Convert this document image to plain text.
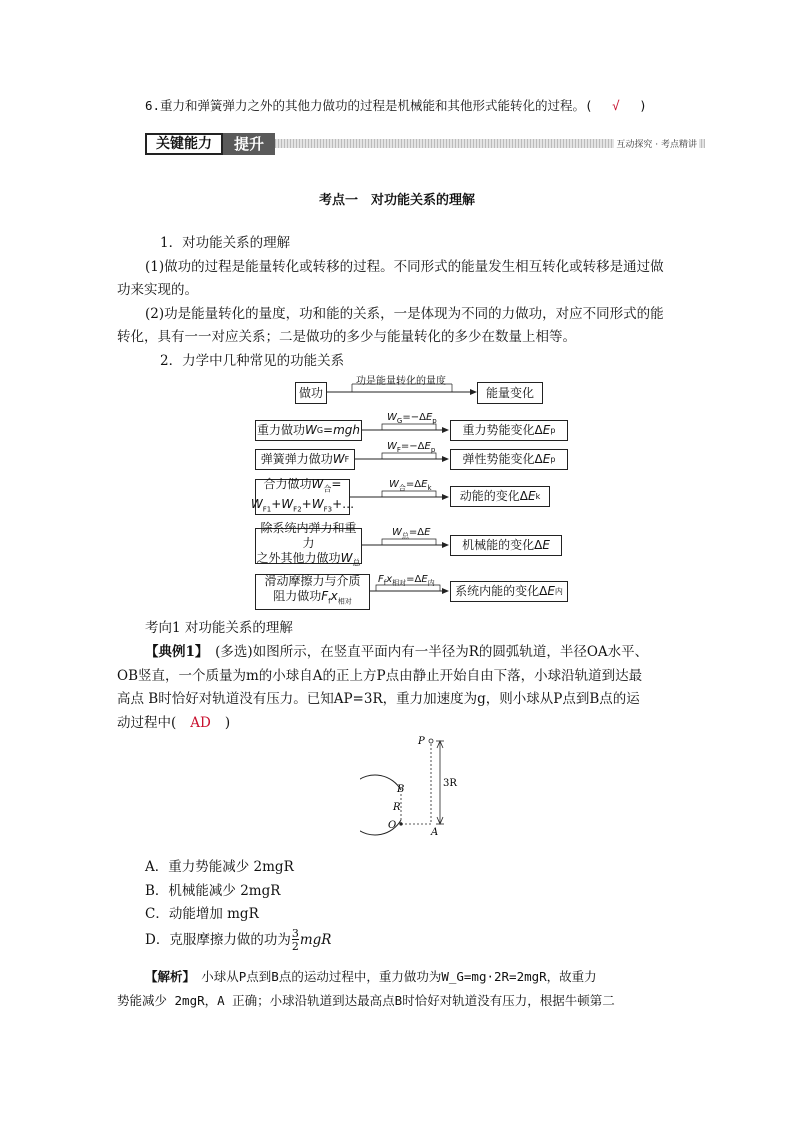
6.重力和弹簧弹力之外的其他力做功的过程是机械能和其他形式能转化的过程。( √ )
关键能力	提升	互动探究 · 考点精讲
考点一　对功能关系的理解
1．对功能关系的理解
(1)做功的过程是能量转化或转移的过程。不同形式的能量发生相互转化或转移是通过做
功来实现的。
(2)功是能量转化的量度，功和能的关系，一是体现为不同的力做功，对应不同形式的能
转化，具有一一对应关系；二是做功的多少与能量转化的多少在数量上相等。
2．力学中几种常见的功能关系
做功	能量变化
功是能量转化的量度
重力做功 W G = mgh
$W_G=-\Delta E_p$
重力势能变化Δ E p
弹簧弹力做功 W F
$W_F=-\Delta E_p$
弹性势能变化Δ E p
合力做功$W_合=$
$W_{F1}+W_{F2}+W_{F3}+\dots$
$W_合=\Delta E_k$
动能的变化Δ E k
除系统内弹力和重力
之外其他力做功$W_总$
$W_总=\Delta E$
机械能的变化Δ E
滑动摩擦力与介质
阻力做功$F_fx_{相对}$
$F_fx_{相对}=\Delta E_内$
系统内能的变化Δ E 内
考向1 对功能关系的理解
【典例1】　(多选)如图所示，在竖直平面内有一半径为R的圆弧轨道，半径OA水平、
OB竖直，一个质量为m的小球自A的正上方P点由静止开始自由下落，小球沿轨道到达最
高点 B时恰好对轨道没有压力。已知AP=3R，重力加速度为g，则小球从P点到B点的运
动过程中( AD )
P
B
R
O
A
3R
A．重力势能减少 2mgR
B．机械能减少 2mgR
C．动能增加 mgR
D．克服摩擦力做的功为 3
2 mgR
【解析】　小球从P点到B点的运动过程中，重力做功为W_G=mg·2R=2mgR，故重力
势能减少 2mgR，A 正确；小球沿轨道到达最高点B时恰好对轨道没有压力，根据牛顿第二
